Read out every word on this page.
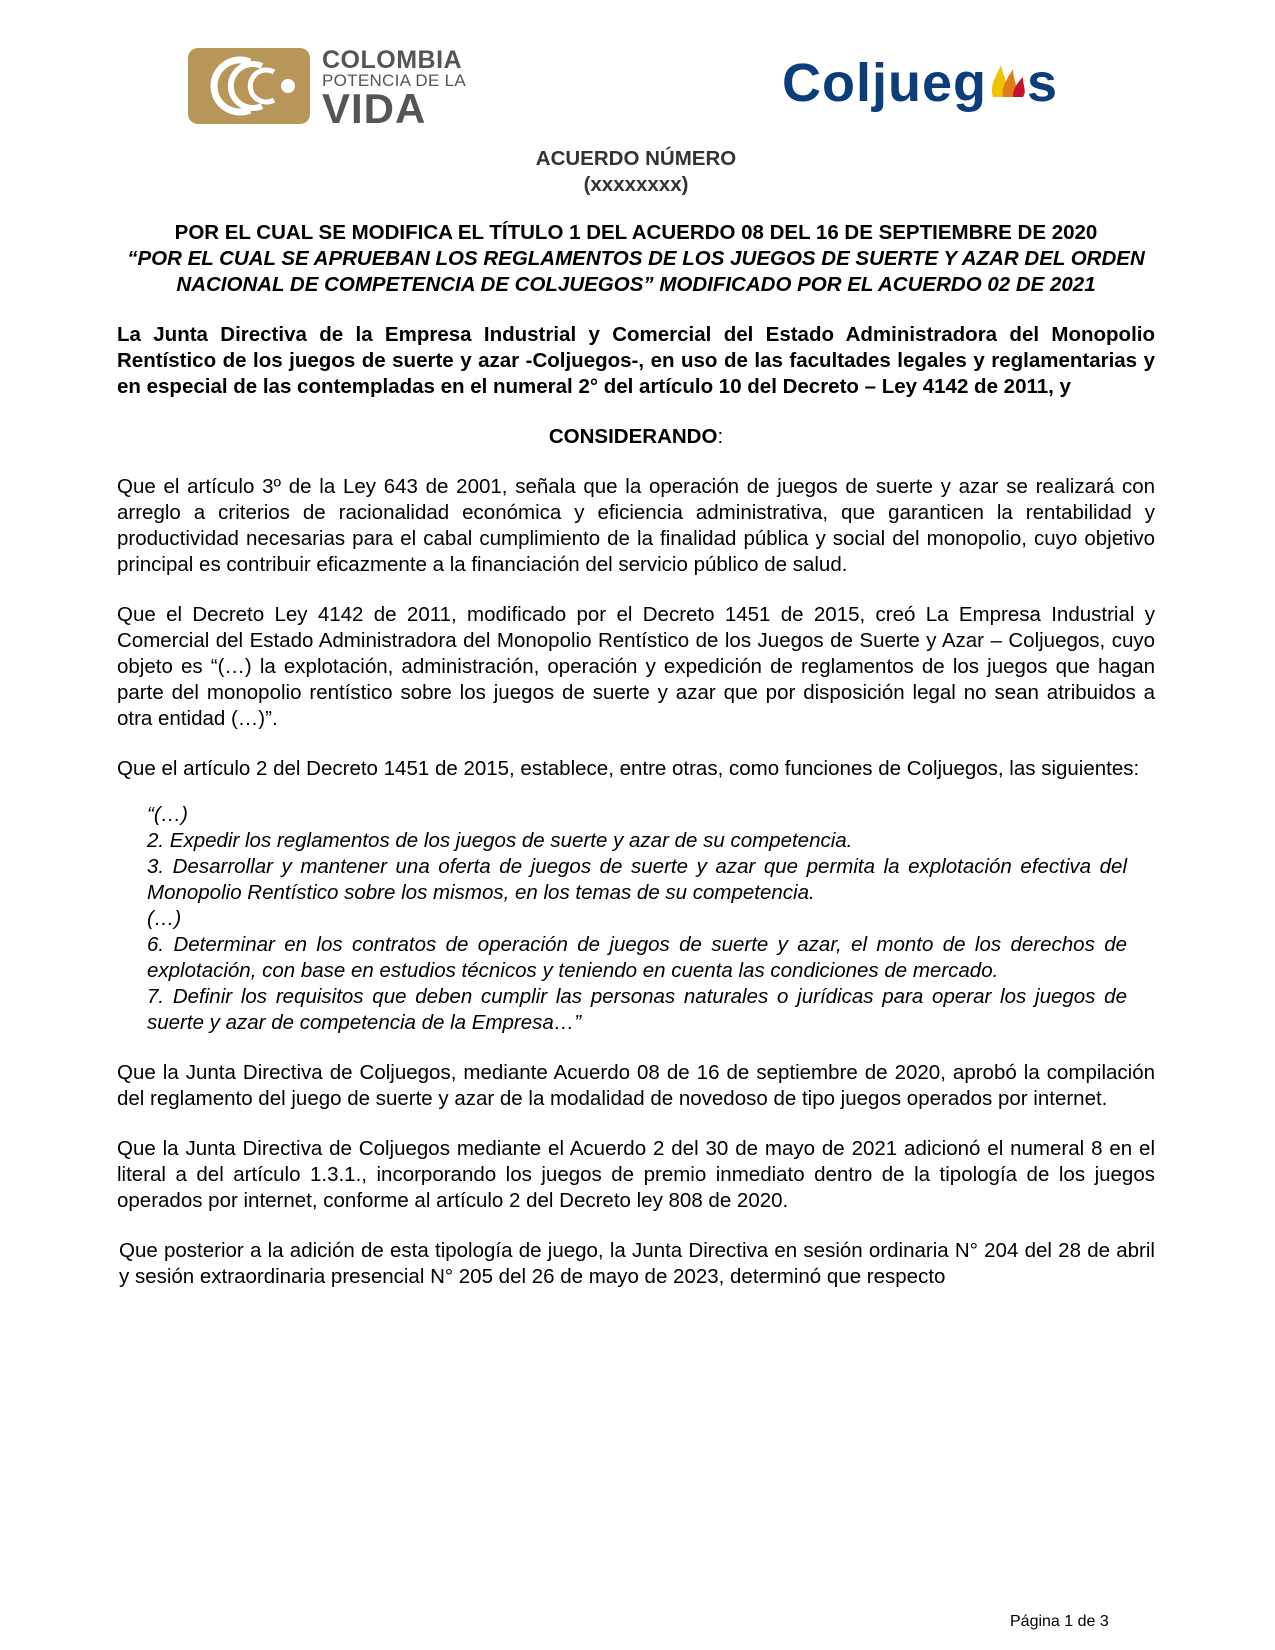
COLOMBIA
POTENCIA DE LA
VIDA	Coljueg s

ACUERDO NÚMERO

(xxxxxxxx)

POR EL CUAL SE MODIFICA EL TÍTULO 1 DEL ACUERDO 08 DEL 16 DE SEPTIEMBRE DE 2020

“POR EL CUAL SE APRUEBAN LOS REGLAMENTOS DE LOS JUEGOS DE SUERTE Y AZAR DEL ORDEN NACIONAL DE COMPETENCIA DE COLJUEGOS” MODIFICADO POR EL ACUERDO 02 DE 2021

La Junta Directiva de la Empresa Industrial y Comercial del Estado Administradora del Monopolio Rentístico de los juegos de suerte y azar -Coljuegos-, en uso de las facultades legales y reglamentarias y en especial de las contempladas en el numeral 2° del artículo 10 del Decreto – Ley 4142 de 2011, y

CONSIDERANDO:

Que el artículo 3º de la Ley 643 de 2001, señala que la operación de juegos de suerte y azar se realizará con arreglo a criterios de racionalidad económica y eficiencia administrativa, que garanticen la rentabilidad y productividad necesarias para el cabal cumplimiento de la finalidad pública y social del monopolio, cuyo objetivo principal es contribuir eficazmente a la financiación del servicio público de salud.

Que el Decreto Ley 4142 de 2011, modificado por el Decreto 1451 de 2015, creó La Empresa Industrial y Comercial del Estado Administradora del Monopolio Rentístico de los Juegos de Suerte y Azar – Coljuegos, cuyo objeto es “(…) la explotación, administración, operación y expedición de reglamentos de los juegos que hagan parte del monopolio rentístico sobre los juegos de suerte y azar que por disposición legal no sean atribuidos a otra entidad (…)”.

Que el artículo 2 del Decreto 1451 de 2015, establece, entre otras, como funciones de Coljuegos, las siguientes:

“(…)

2. Expedir los reglamentos de los juegos de suerte y azar de su competencia.

3. Desarrollar y mantener una oferta de juegos de suerte y azar que permita la explotación efectiva del Monopolio Rentístico sobre los mismos, en los temas de su competencia.

(…)

6. Determinar en los contratos de operación de juegos de suerte y azar, el monto de los derechos de explotación, con base en estudios técnicos y teniendo en cuenta las condiciones de mercado.

7. Definir los requisitos que deben cumplir las personas naturales o jurídicas para operar los juegos de suerte y azar de competencia de la Empresa…”

Que la Junta Directiva de Coljuegos, mediante Acuerdo 08 de 16 de septiembre de 2020, aprobó la compilación del reglamento del juego de suerte y azar de la modalidad de novedoso de tipo juegos operados por internet.

Que la Junta Directiva de Coljuegos mediante el Acuerdo 2 del 30 de mayo de 2021 adicionó el numeral 8 en el literal a del artículo 1.3.1., incorporando los juegos de premio inmediato dentro de la tipología de los juegos operados por internet, conforme al artículo 2 del Decreto ley 808 de 2020.

Que posterior a la adición de esta tipología de juego, la Junta Directiva en sesión ordinaria N° 204 del 28 de abril y sesión extraordinaria presencial N° 205 del 26 de mayo de 2023, determinó que respecto

Página 1 de 3
